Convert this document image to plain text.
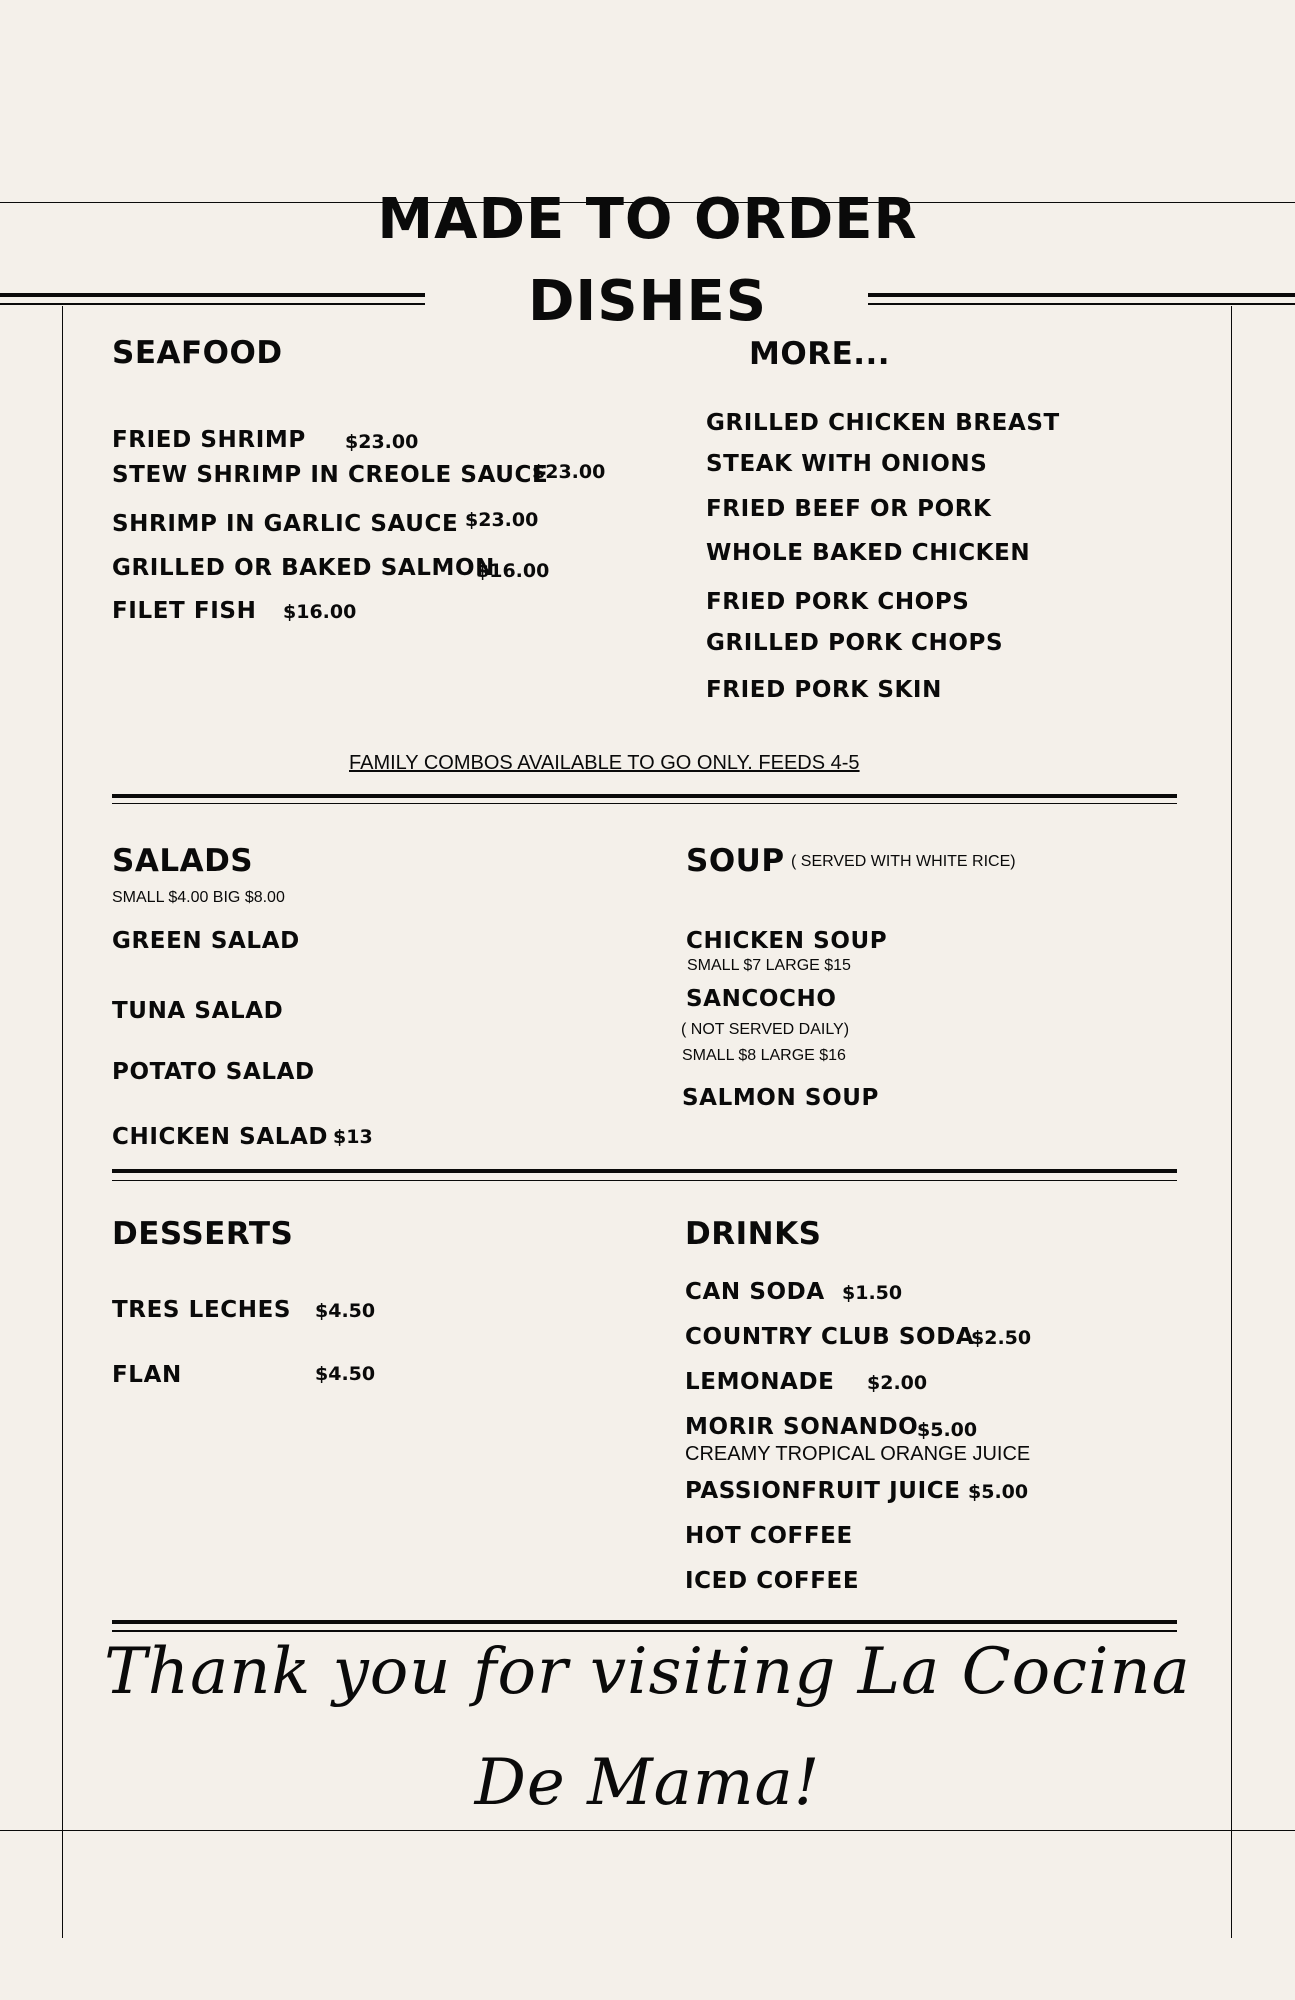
MADE TO ORDER
DISHES
SEAFOOD
FRIED SHRIMP $23.00
STEW SHRIMP IN CREOLE SAUCE
$23.00
SHRIMP IN GARLIC SAUCE $23.00
GRILLED OR BAKED SALMON
$16.00
FILET FISH $16.00
MORE...
GRILLED CHICKEN BREAST
STEAK WITH ONIONS
FRIED BEEF OR PORK
WHOLE BAKED CHICKEN
FRIED PORK CHOPS
GRILLED PORK CHOPS
FRIED PORK SKIN
FAMILY COMBOS AVAILABLE TO GO ONLY. FEEDS 4-5
SALADS
SMALL $4.00 BIG $8.00
GREEN SALAD
TUNA SALAD
POTATO SALAD
CHICKEN SALAD $13
SOUP ( SERVED WITH WHITE RICE)
CHICKEN SOUP
SMALL $7 LARGE $15
SANCOCHO
( NOT SERVED DAILY)
SMALL $8 LARGE $16
SALMON SOUP
DESSERTS
TRES LECHES $4.50
FLAN	$4.50
DRINKS
CAN SODA $1.50
COUNTRY CLUB SODA
$2.50
LEMONADE $2.00
MORIR SONANDO
$5.00
CREAMY TROPICAL ORANGE JUICE
PASSIONFRUIT JUICE $5.00
HOT COFFEE
ICED COFFEE
Thank you for visiting La Cocina
De Mama!
